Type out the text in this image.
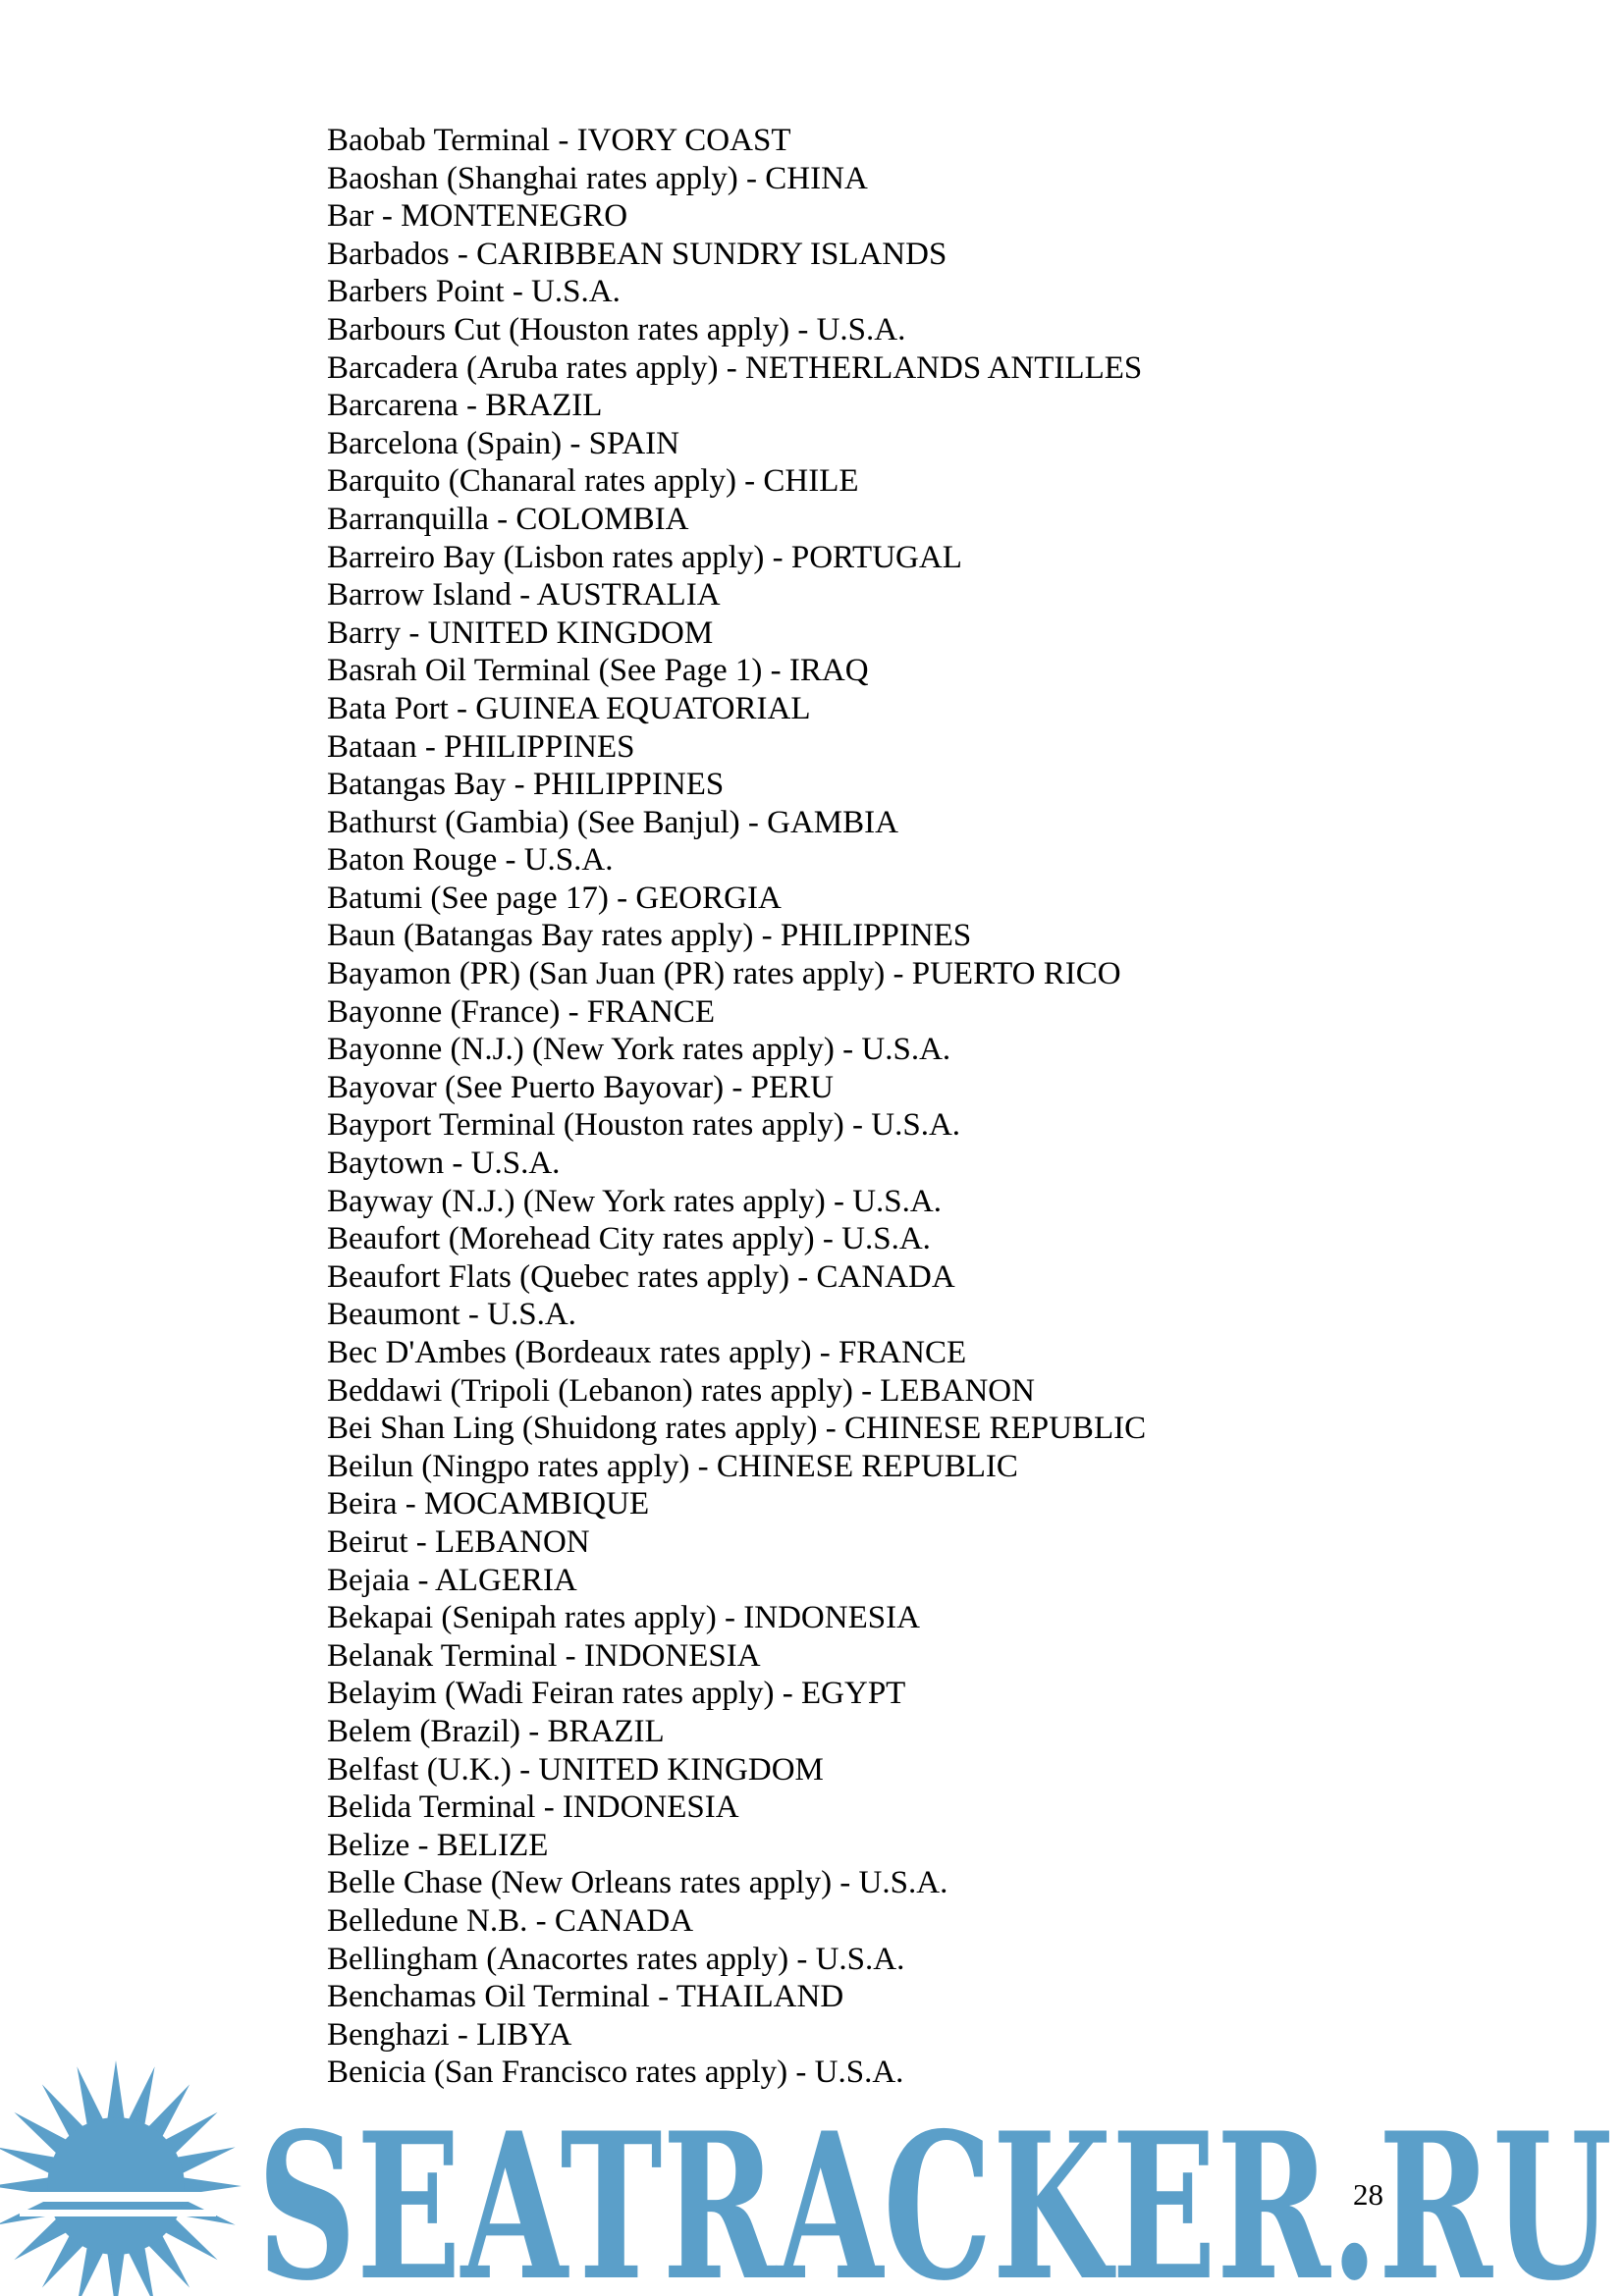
Baobab Terminal - IVORY COAST
Baoshan (Shanghai rates apply) - CHINA
Bar - MONTENEGRO
Barbados - CARIBBEAN SUNDRY ISLANDS
Barbers Point - U.S.A.
Barbours Cut (Houston rates apply) - U.S.A.
Barcadera (Aruba rates apply) - NETHERLANDS ANTILLES
Barcarena - BRAZIL
Barcelona (Spain) - SPAIN
Barquito (Chanaral rates apply) - CHILE
Barranquilla - COLOMBIA
Barreiro Bay (Lisbon rates apply) - PORTUGAL
Barrow Island - AUSTRALIA
Barry - UNITED KINGDOM
Basrah Oil Terminal (See Page 1) - IRAQ
Bata Port - GUINEA EQUATORIAL
Bataan - PHILIPPINES
Batangas Bay - PHILIPPINES
Bathurst (Gambia) (See Banjul) - GAMBIA
Baton Rouge - U.S.A.
Batumi (See page 17) - GEORGIA
Baun (Batangas Bay rates apply) - PHILIPPINES
Bayamon (PR) (San Juan (PR) rates apply) - PUERTO RICO
Bayonne (France) - FRANCE
Bayonne (N.J.) (New York rates apply) - U.S.A.
Bayovar (See Puerto Bayovar) - PERU
Bayport Terminal (Houston rates apply) - U.S.A.
Baytown - U.S.A.
Bayway (N.J.) (New York rates apply) - U.S.A.
Beaufort (Morehead City rates apply) - U.S.A.
Beaufort Flats (Quebec rates apply) - CANADA
Beaumont - U.S.A.
Bec D'Ambes (Bordeaux rates apply) - FRANCE
Beddawi (Tripoli (Lebanon) rates apply) - LEBANON
Bei Shan Ling (Shuidong rates apply) - CHINESE REPUBLIC
Beilun (Ningpo rates apply) - CHINESE REPUBLIC
Beira - MOCAMBIQUE
Beirut - LEBANON
Bejaia - ALGERIA
Bekapai (Senipah rates apply) - INDONESIA
Belanak Terminal - INDONESIA
Belayim (Wadi Feiran rates apply) - EGYPT
Belem (Brazil) - BRAZIL
Belfast (U.K.) - UNITED KINGDOM
Belida Terminal - INDONESIA
Belize - BELIZE
Belle Chase (New Orleans rates apply) - U.S.A.
Belledune N.B. - CANADA
Bellingham (Anacortes rates apply) - U.S.A.
Benchamas Oil Terminal - THAILAND
Benghazi - LIBYA
Benicia (San Francisco rates apply) - U.S.A.
SEATRACKER.RU
28
